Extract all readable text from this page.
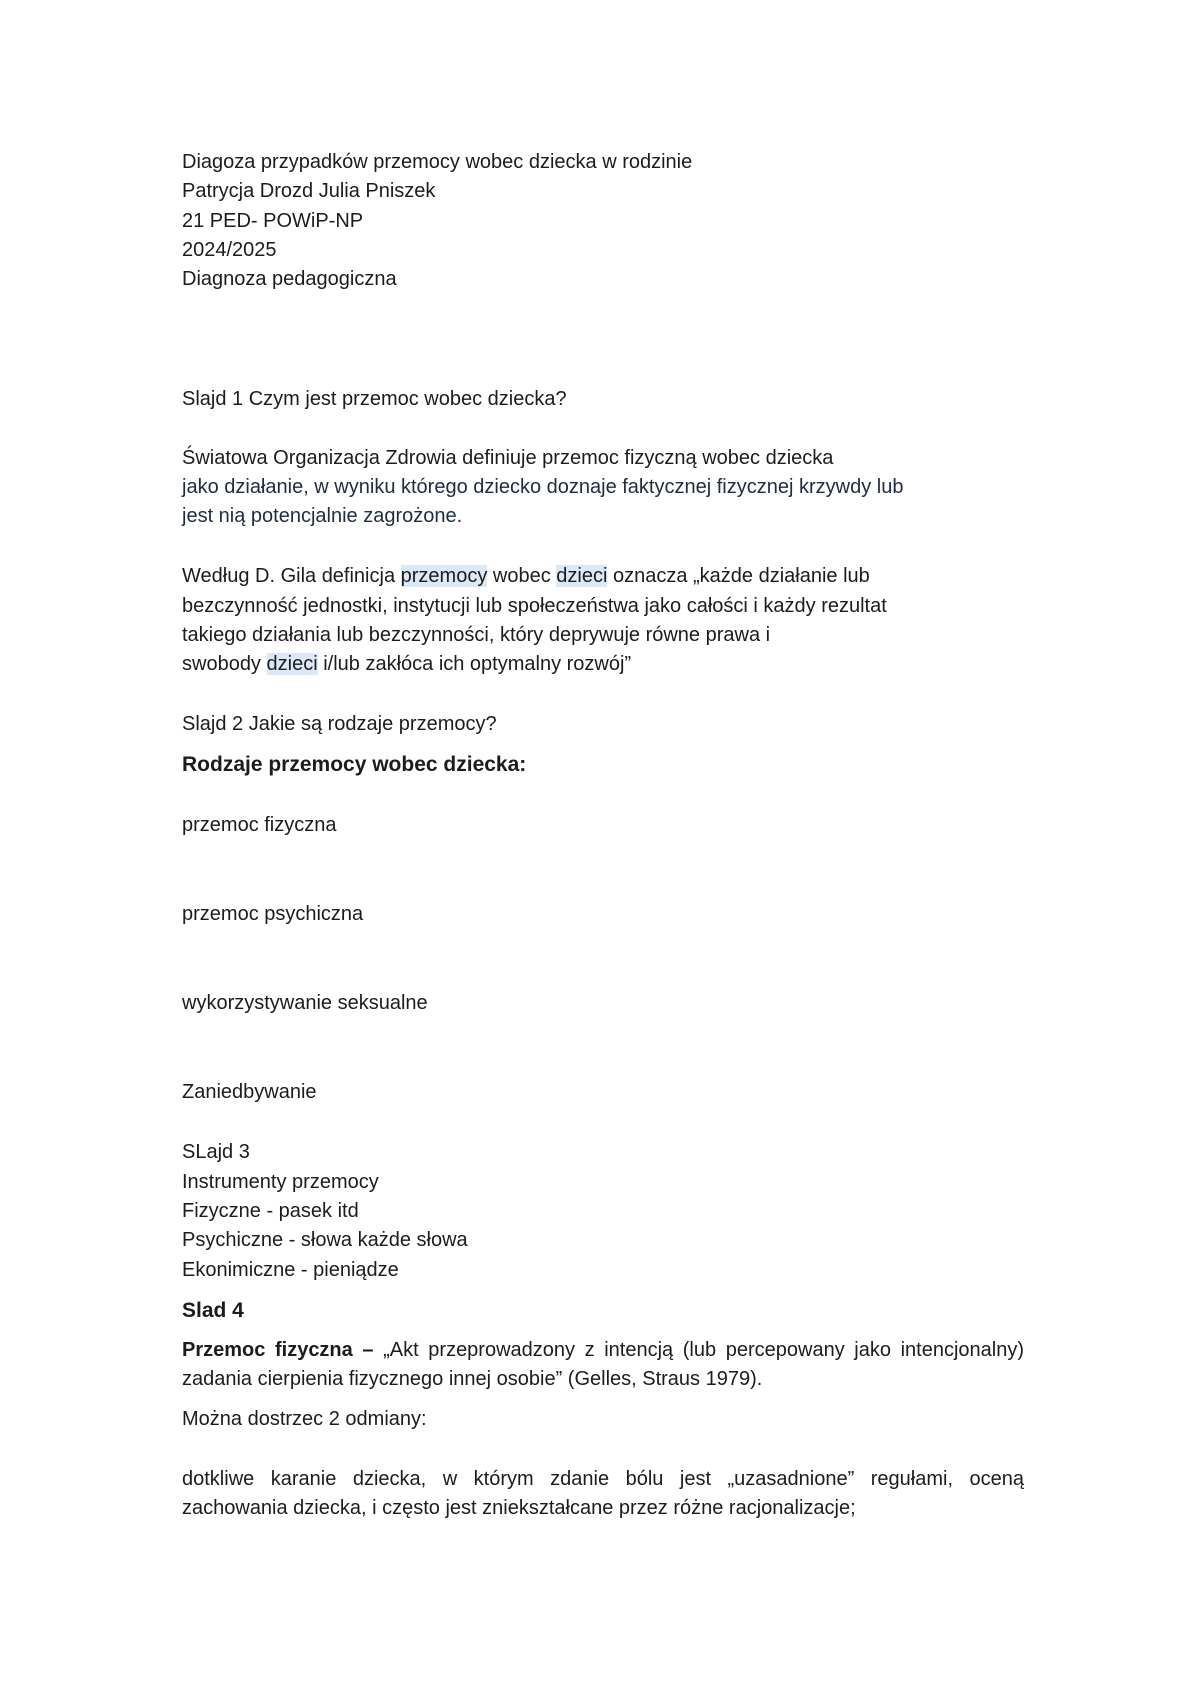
Diagoza przypadków przemocy wobec dziecka w rodzinie
Patrycja Drozd Julia Pniszek
21 PED- POWiP-NP
2024/2025
Diagnoza pedagogiczna
Slajd 1 Czym jest przemoc wobec dziecka?
Światowa Organizacja Zdrowia definiuje przemoc fizyczną wobec dziecka
jako działanie, w wyniku którego dziecko doznaje faktycznej fizycznej krzywdy lub
jest nią potencjalnie zagrożone.
Według D. Gila definicja przemocy wobec dzieci oznacza „każde działanie lub
bezczynność jednostki, instytucji lub społeczeństwa jako całości i każdy rezultat
takiego działania lub bezczynności, który deprywuje równe prawa i
swobody dzieci i/lub zakłóca ich optymalny rozwój”
Slajd 2 Jakie są rodzaje przemocy?
Rodzaje przemocy wobec dziecka:
przemoc fizyczna
przemoc psychiczna
wykorzystywanie seksualne
Zaniedbywanie
SLajd 3
Instrumenty przemocy
Fizyczne - pasek itd
Psychiczne - słowa każde słowa
Ekonimiczne - pieniądze
Slad 4
Przemoc fizyczna – „Akt przeprowadzony z intencją (lub percepowany jako intencjonalny) zadania cierpienia fizycznego innej osobie” (Gelles, Straus 1979).
Można dostrzec 2 odmiany:
dotkliwe karanie dziecka, w którym zdanie bólu jest „uzasadnione” regułami, oceną zachowania dziecka, i często jest zniekształcane przez różne racjonalizacje;
